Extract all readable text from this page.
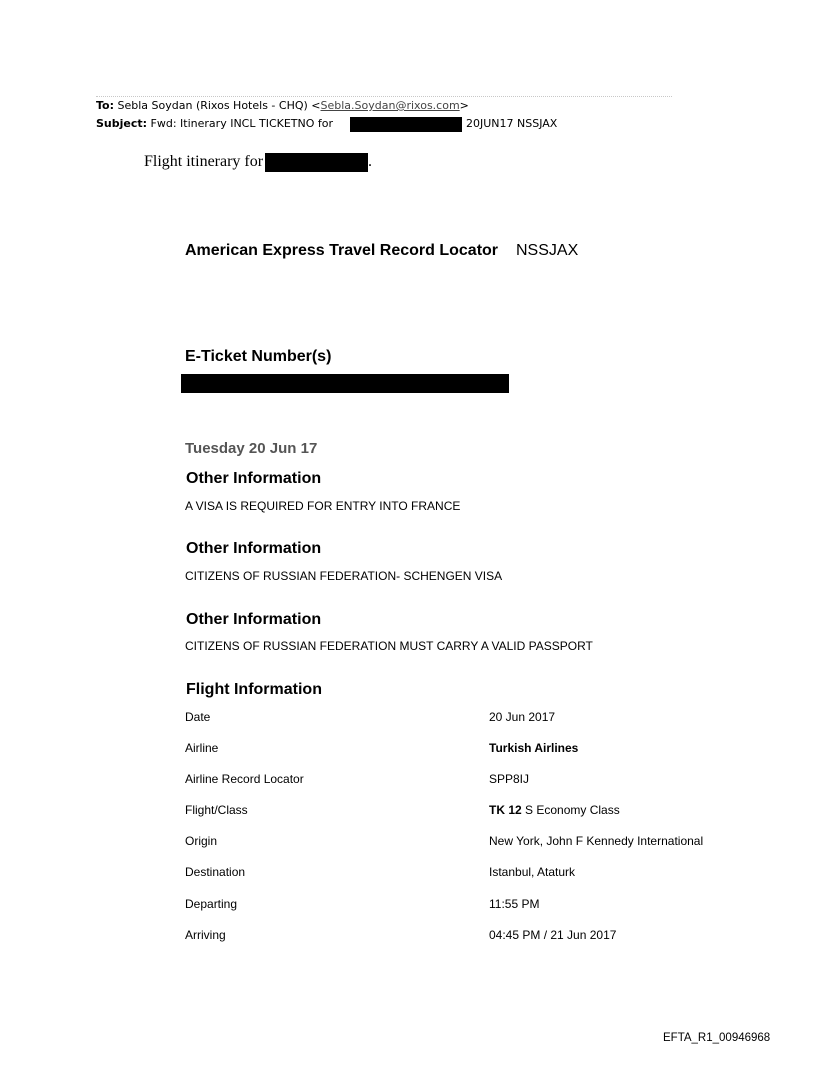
To: Sebla Soydan (Rixos Hotels - CHQ) <Sebla.Soydan@rixos.com>
Subject: Fwd: Itinerary INCL TICKETNO for	20JUN17 NSSJAX
Flight itinerary for	.
American Express Travel Record Locator NSSJAX
E-Ticket Number(s)
Tuesday 20 Jun 17
Other Information
A VISA IS REQUIRED FOR ENTRY INTO FRANCE
Other Information
CITIZENS OF RUSSIAN FEDERATION- SCHENGEN VISA
Other Information
CITIZENS OF RUSSIAN FEDERATION MUST CARRY A VALID PASSPORT
Flight Information
Date	20 Jun 2017
Airline	Turkish Airlines
Airline Record Locator	SPP8IJ
Flight/Class	TK 12 S Economy Class
Origin	New York, John F Kennedy International
Destination	Istanbul, Ataturk
Departing	11:55 PM
Arriving	04:45 PM / 21 Jun 2017
EFTA_R1_00946968
